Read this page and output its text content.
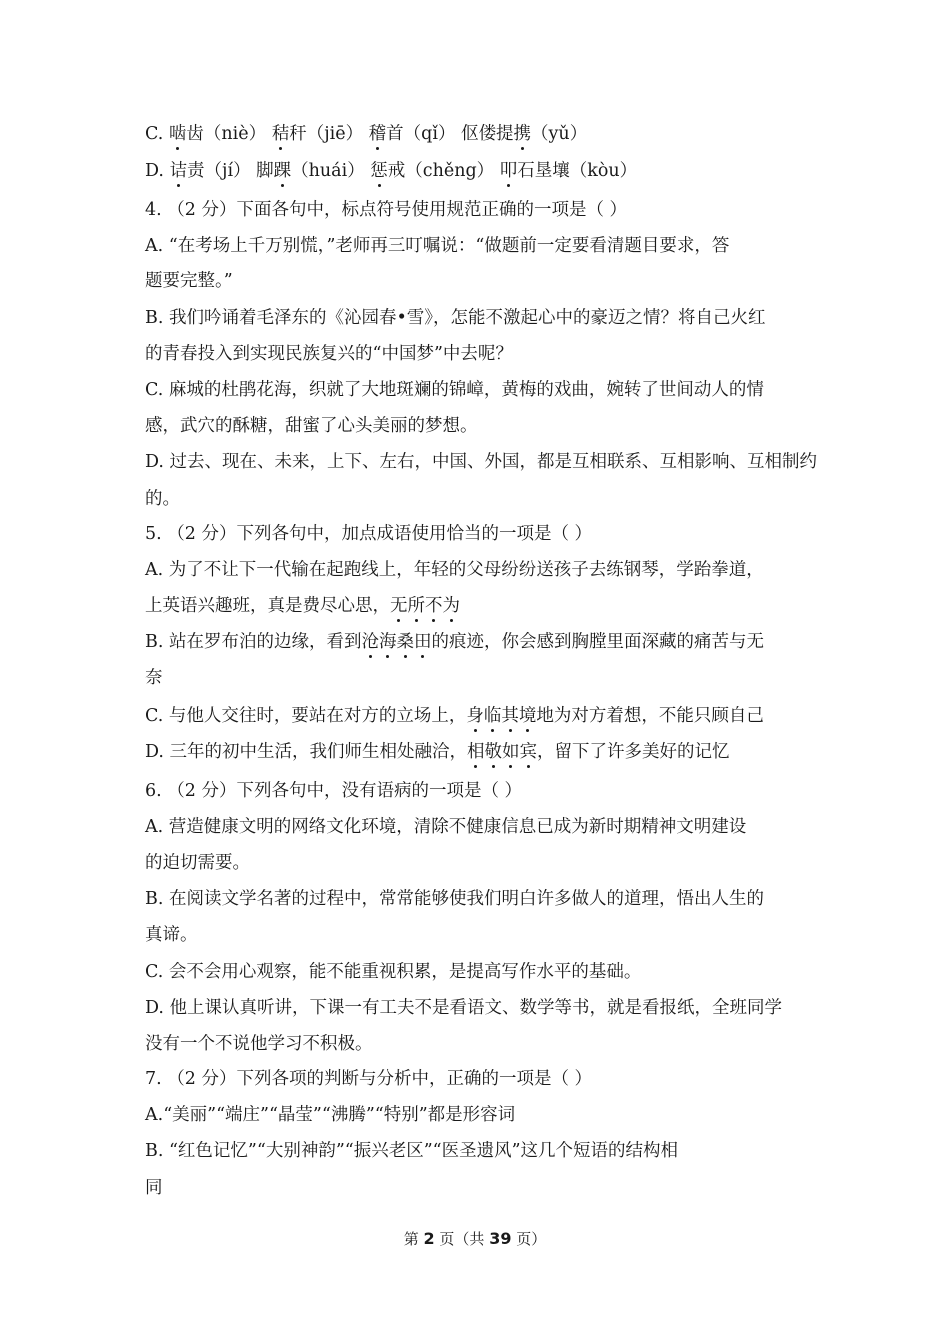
C. 啮齿（niè） 秸秆（jiē） 稽首（qǐ） 伛偻提携（yǔ）
D. 诘责（jí） 脚踝（huái） 惩戒（chěng） 叩石垦壤（kòu）
4. （2 分）下面各句中，标点符号使用规范正确的一项是（ ）
A. “在考场上千万别慌，”老师再三叮嘱说：“做题前一定要看清题目要求，答
题要完整。”
B. 我们吟诵着毛泽东的《沁园春•雪》，怎能不激起心中的豪迈之情？将自己火红
的青春投入到实现民族复兴的“中国梦”中去呢？
C. 麻城的杜鹃花海，织就了大地斑斓的锦嶂，黄梅的戏曲，婉转了世间动人的情
感，武穴的酥糖，甜蜜了心头美丽的梦想。
D. 过去、现在、未来，上下、左右，中国、外国，都是互相联系、互相影响、互相制约
的。
5. （2 分）下列各句中，加点成语使用恰当的一项是（ ）
A. 为了不让下一代输在起跑线上，年轻的父母纷纷送孩子去练钢琴，学跆拳道，
上英语兴趣班，真是费尽心思，无所不为
B. 站在罗布泊的边缘，看到沧海桑田的痕迹，你会感到胸膛里面深藏的痛苦与无
奈
C. 与他人交往时，要站在对方的立场上，身临其境地为对方着想，不能只顾自己
D. 三年的初中生活，我们师生相处融洽，相敬如宾，留下了许多美好的记忆
6. （2 分）下列各句中，没有语病的一项是（ ）
A. 营造健康文明的网络文化环境，清除不健康信息已成为新时期精神文明建设
的迫切需要。
B. 在阅读文学名著的过程中，常常能够使我们明白许多做人的道理，悟出人生的
真谛。
C. 会不会用心观察，能不能重视积累，是提高写作水平的基础。
D. 他上课认真听讲，下课一有工夫不是看语文、数学等书，就是看报纸，全班同学
没有一个不说他学习不积极。
7. （2 分）下列各项的判断与分析中，正确的一项是（ ）
A.“美丽”“端庄”“晶莹”“沸腾”“特别”都是形容词
B. “红色记忆”“大别神韵”“振兴老区”“医圣遗风”这几个短语的结构相
同
第 2 页（共 39 页）
